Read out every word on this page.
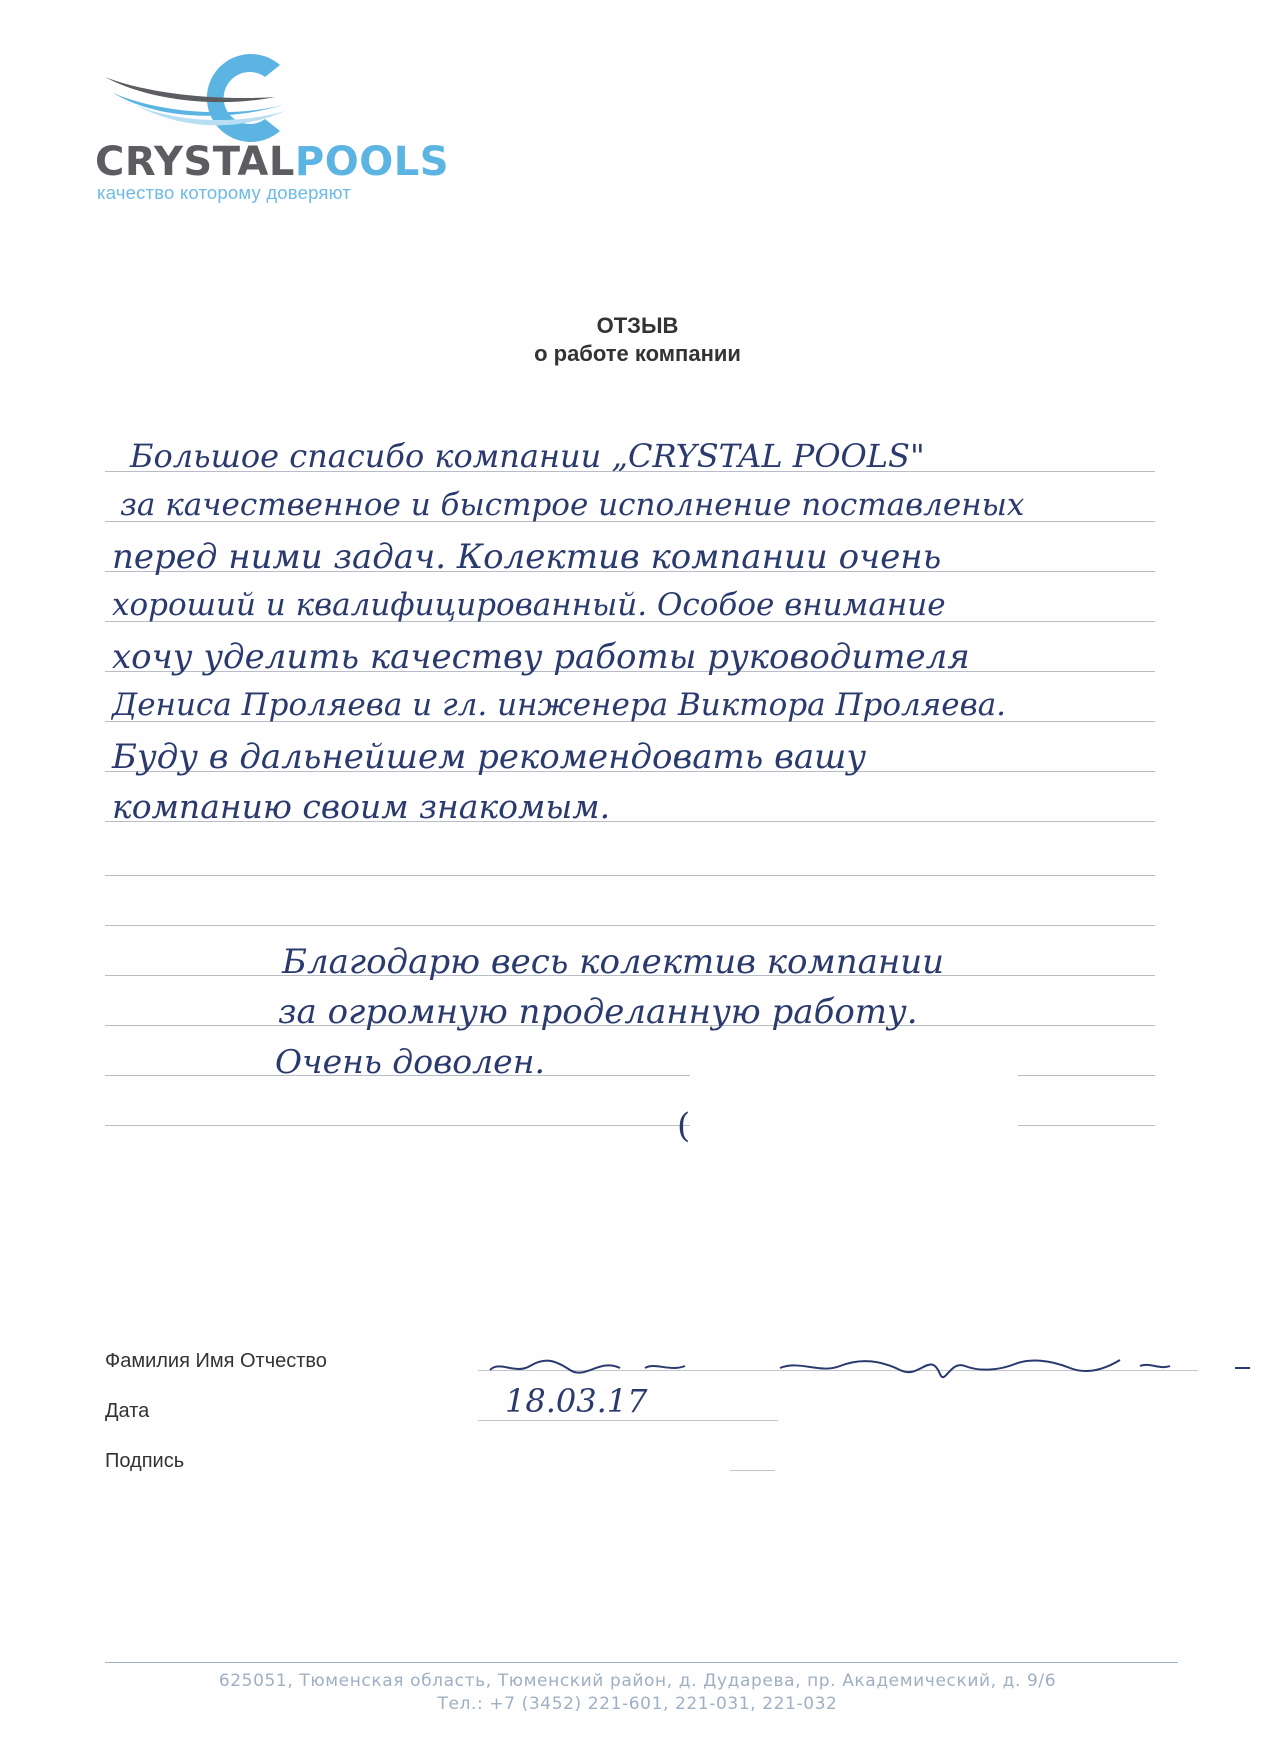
CRYSTALPOOLS
качество которому доверяют
ОТЗЫВ
о работе компании
Большое спасибо компании „CRYSTAL POOLS"
за качественное и быстрое исполнение поставленых
перед ними задач. Колектив компании очень
хороший и квалифицированный. Особое внимание
хочу уделить качеству работы руководителя
Дениса Проляева и гл. инженера Виктора Проляева.
Буду в дальнейшем рекомендовать вашу
компанию своим знакомым.
Благодарю весь колектив компании
за огромную проделанную работу.
Очень доволен.
(
Фамилия Имя Отчество
Дата
Подпись
18.03.17
625051, Тюменская область, Тюменский район, д. Дударева, пр. Академический, д. 9/6
Тел.: +7 (3452) 221-601, 221-031, 221-032
